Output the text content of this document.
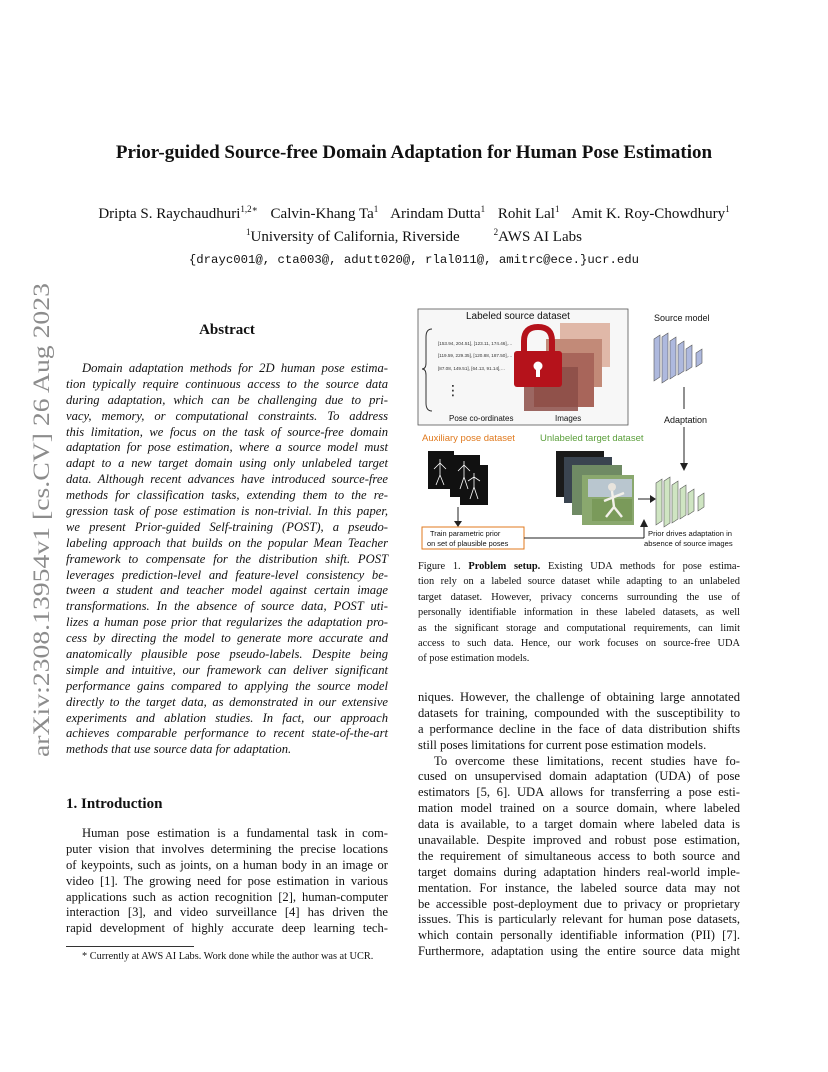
arXiv:2308.13954v1 [cs.CV] 26 Aug 2023
Prior-guided Source-free Domain Adaptation for Human Pose Estimation
Dripta S. Raychaudhuri$^{1,2∗}$ Calvin-Khang Ta$^1$ Arindam Dutta$^1$ Rohit Lal$^1$ Amit K. Roy-Chowdhury$^1$
$^1$University of California, Riverside	$^2$AWS AI Labs
{drayc001@, cta003@, adutt020@, rlal011@, amitrc@ece.}ucr.edu
Abstract
Domain adaptation methods for 2D human pose estima-
tion typically require continuous access to the source data
during adaptation, which can be challenging due to pri-
vacy, memory, or computational constraints. To address
this limitation, we focus on the task of source-free domain
adaptation for pose estimation, where a source model must
adapt to a new target domain using only unlabeled target
data. Although recent advances have introduced source-free
methods for classification tasks, extending them to the re-
gression task of pose estimation is non-trivial. In this paper,
we present Prior-guided Self-training (POST), a pseudo-
labeling approach that builds on the popular Mean Teacher
framework to compensate for the distribution shift. POST
leverages prediction-level and feature-level consistency be-
tween a student and teacher model against certain image
transformations. In the absence of source data, POST uti-
lizes a human pose prior that regularizes the adaptation pro-
cess by directing the model to generate more accurate and
anatomically plausible pose pseudo-labels. Despite being
simple and intuitive, our framework can deliver significant
performance gains compared to applying the source model
directly to the target data, as demonstrated in our extensive
experiments and ablation studies. In fact, our approach
achieves comparable performance to recent state-of-the-art
methods that use source data for adaptation.
1. Introduction
Human pose estimation is a fundamental task in com-
puter vision that involves determining the precise locations
of keypoints, such as joints, on a human body in an image or
video [1]. The growing need for pose estimation in various
applications such as action recognition [2], human-computer
interaction [3], and video surveillance [4] has driven the
rapid development of highly accurate deep learning tech-
* Currently at AWS AI Labs. Work done while the author was at UCR.
Labeled source dataset
[153.94, 204.51], [123.11, 174.46],…
[119.59, 229.35], [120.88, 187.50],…
[87.08, 149.51], [64.13, 91.14],…
⋮
Pose co-ordinates	Images
Source model
Adaptation
Auxiliary pose dataset
Train parametric prior
on set of plausible poses
Unlabeled target dataset
Prior drives adaptation in
absence of source images
Figure 1. Problem setup. Existing UDA methods for pose estima-
tion rely on a labeled source dataset while adapting to an unlabeled
target dataset. However, privacy concerns surrounding the use of
personally identifiable information in these labeled datasets, as well
as the significant storage and computational requirements, can limit
access to such data. Hence, our work focuses on source-free UDA
of pose estimation models.
niques. However, the challenge of obtaining large annotated
datasets for training, compounded with the susceptibility to
a performance decline in the face of data distribution shifts
still poses limitations for current pose estimation models.
To overcome these limitations, recent studies have fo-
cused on unsupervised domain adaptation (UDA) of pose
estimators [5, 6]. UDA allows for transferring a pose esti-
mation model trained on a source domain, where labeled
data is available, to a target domain where labeled data is
unavailable. Despite improved and robust pose estimation,
the requirement of simultaneous access to both source and
target domains during adaptation hinders real-world imple-
mentation. For instance, the labeled source data may not
be accessible post-deployment due to privacy or proprietary
issues. This is particularly relevant for human pose datasets,
which contain personally identifiable information (PII) [7].
Furthermore, adaptation using the entire source data might
